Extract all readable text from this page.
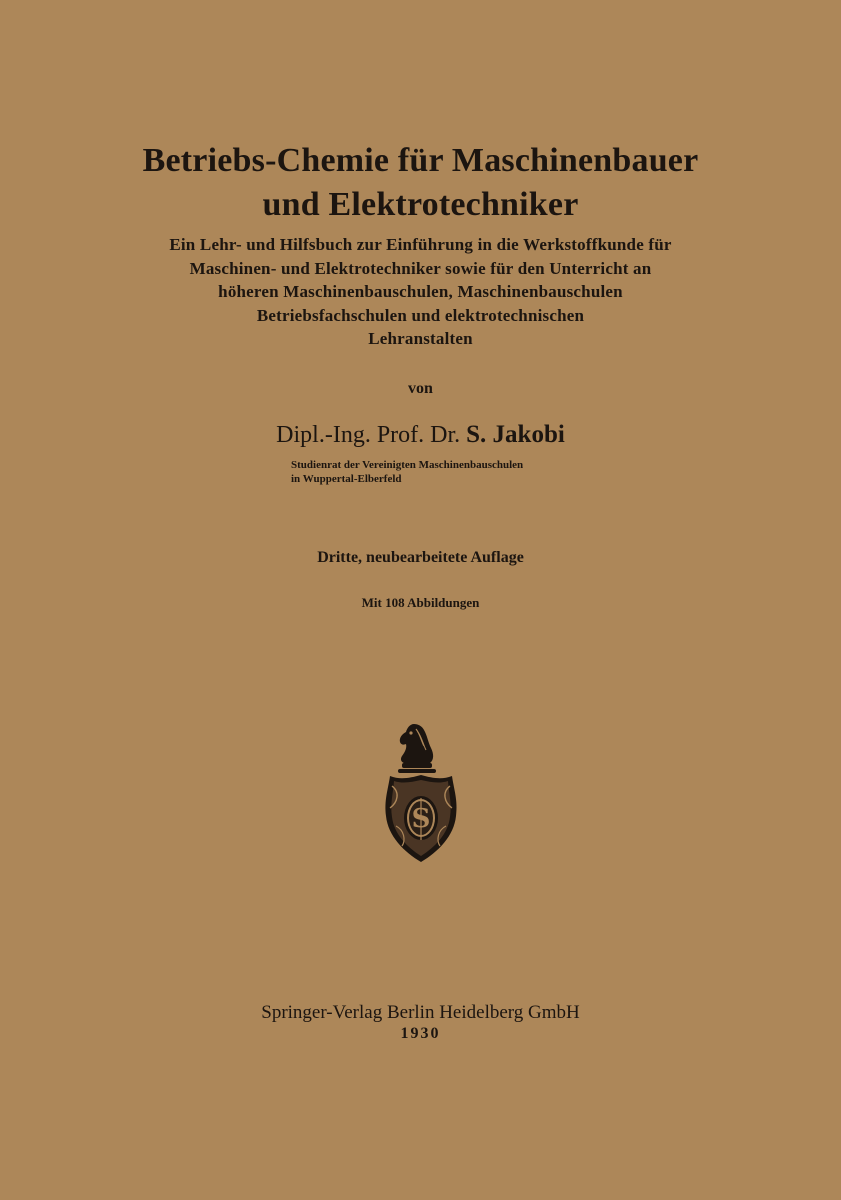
Betriebs-Chemie für Maschinenbauer
und Elektrotechniker
Ein Lehr- und Hilfsbuch zur Einführung in die Werkstoffkunde für
Maschinen- und Elektrotechniker sowie für den Unterricht an
höheren Maschinenbauschulen, Maschinenbauschulen
Betriebsfachschulen und elektrotechnischen
Lehranstalten
von
Dipl.-Ing. Prof. Dr. S. Jakobi
Studienrat der Vereinigten Maschinenbauschulen
in Wuppertal-Elberfeld
Dritte, neubearbeitete Auflage
Mit 108 Abbildungen
S
Springer-Verlag Berlin Heidelberg GmbH
1930
